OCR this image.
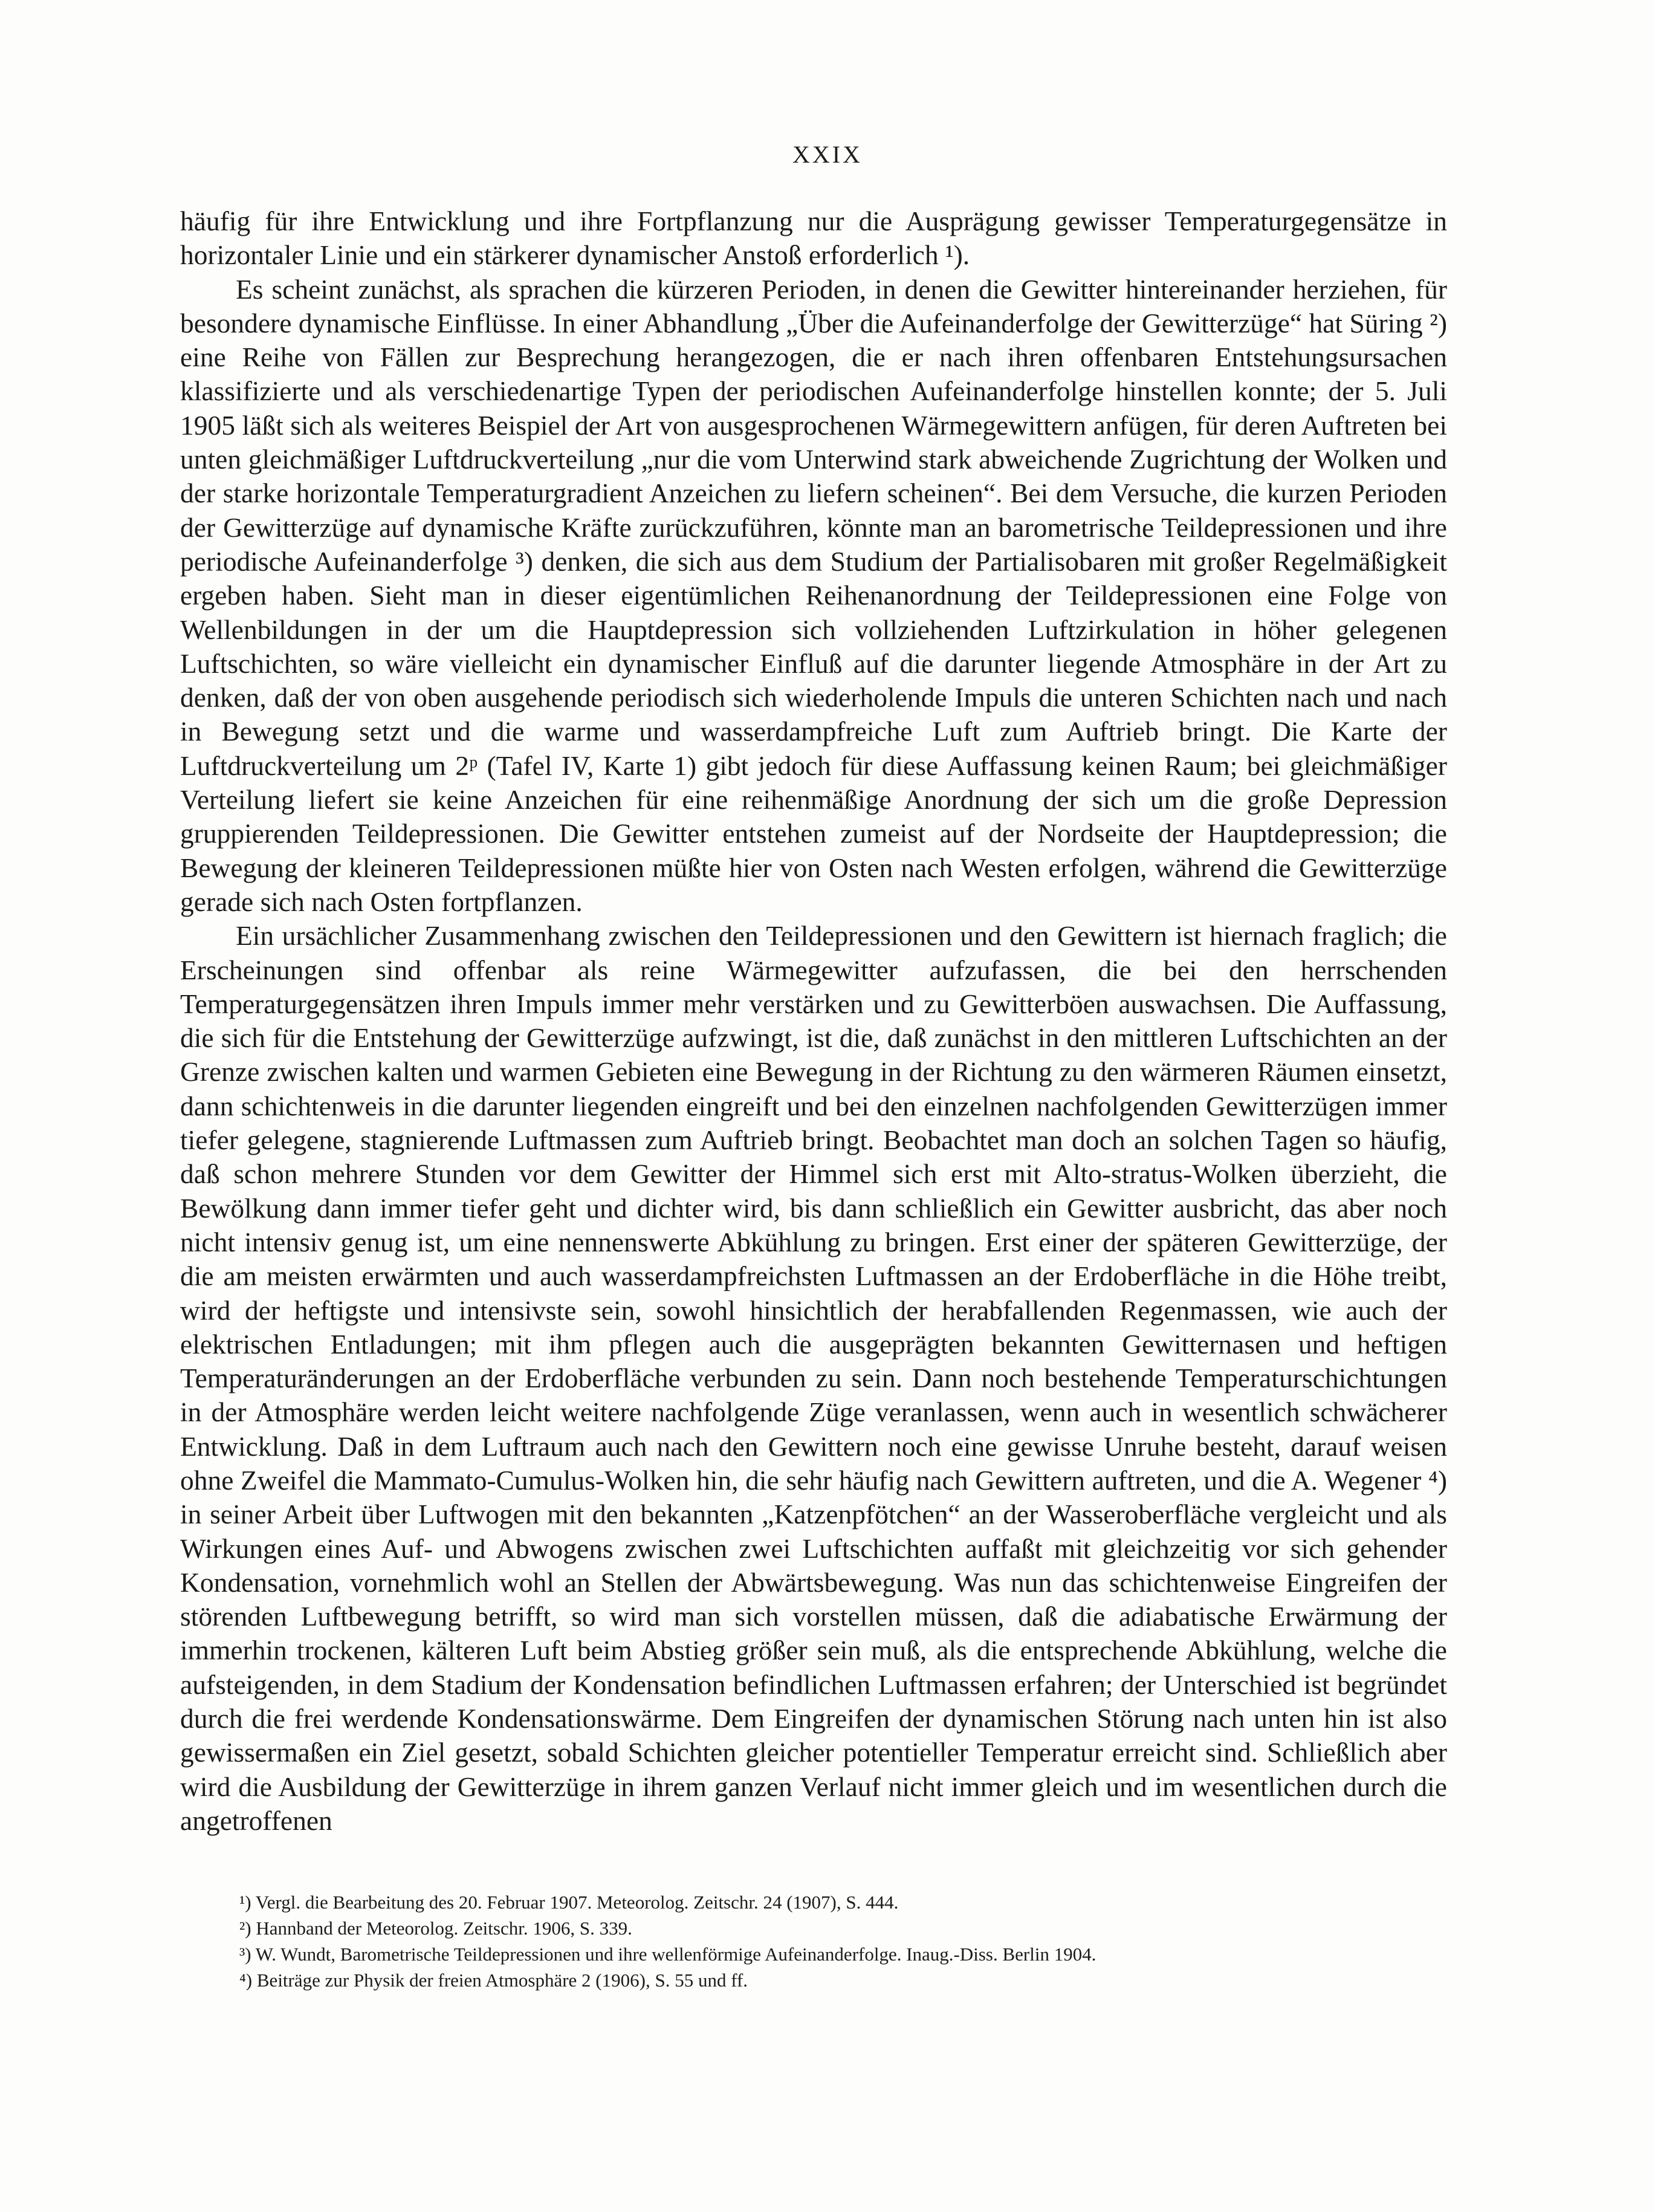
XXIX

häufig für ihre Entwicklung und ihre Fortpflanzung nur die Ausprägung gewisser Temperaturgegensätze in horizontaler Linie und ein stärkerer dynamischer Anstoß erforderlich ¹).

Es scheint zunächst, als sprachen die kürzeren Perioden, in denen die Gewitter hintereinander herziehen, für besondere dynamische Einflüsse. In einer Abhandlung „Über die Aufeinanderfolge der Gewitterzüge“ hat Süring ²) eine Reihe von Fällen zur Besprechung herangezogen, die er nach ihren offenbaren Entstehungsursachen klassifizierte und als verschiedenartige Typen der periodischen Aufeinanderfolge hinstellen konnte; der 5. Juli 1905 läßt sich als weiteres Beispiel der Art von ausgesprochenen Wärmegewittern anfügen, für deren Auftreten bei unten gleichmäßiger Luftdruckverteilung „nur die vom Unterwind stark abweichende Zugrichtung der Wolken und der starke horizontale Temperaturgradient Anzeichen zu liefern scheinen“. Bei dem Versuche, die kurzen Perioden der Gewitterzüge auf dynamische Kräfte zurückzuführen, könnte man an barometrische Teildepressionen und ihre periodische Aufeinanderfolge ³) denken, die sich aus dem Studium der Partialisobaren mit großer Regelmäßigkeit ergeben haben. Sieht man in dieser eigentümlichen Reihenanordnung der Teildepressionen eine Folge von Wellenbildungen in der um die Hauptdepression sich vollziehenden Luftzirkulation in höher gelegenen Luftschichten, so wäre vielleicht ein dynamischer Einfluß auf die darunter liegende Atmosphäre in der Art zu denken, daß der von oben ausgehende periodisch sich wiederholende Impuls die unteren Schichten nach und nach in Bewegung setzt und die warme und wasserdampfreiche Luft zum Auftrieb bringt. Die Karte der Luftdruckverteilung um 2ᵖ (Tafel IV, Karte 1) gibt jedoch für diese Auffassung keinen Raum; bei gleichmäßiger Verteilung liefert sie keine Anzeichen für eine reihenmäßige Anordnung der sich um die große Depression gruppierenden Teildepressionen. Die Gewitter entstehen zumeist auf der Nordseite der Hauptdepression; die Bewegung der kleineren Teildepressionen müßte hier von Osten nach Westen erfolgen, während die Gewitterzüge gerade sich nach Osten fortpflanzen.

Ein ursächlicher Zusammenhang zwischen den Teildepressionen und den Gewittern ist hiernach fraglich; die Erscheinungen sind offenbar als reine Wärmegewitter aufzufassen, die bei den herrschenden Temperaturgegensätzen ihren Impuls immer mehr verstärken und zu Gewitterböen auswachsen. Die Auffassung, die sich für die Entstehung der Gewitterzüge aufzwingt, ist die, daß zunächst in den mittleren Luftschichten an der Grenze zwischen kalten und warmen Gebieten eine Bewegung in der Richtung zu den wärmeren Räumen einsetzt, dann schichtenweis in die darunter liegenden eingreift und bei den einzelnen nachfolgenden Gewitterzügen immer tiefer gelegene, stagnierende Luftmassen zum Auftrieb bringt. Beobachtet man doch an solchen Tagen so häufig, daß schon mehrere Stunden vor dem Gewitter der Himmel sich erst mit Alto-stratus-Wolken überzieht, die Bewölkung dann immer tiefer geht und dichter wird, bis dann schließlich ein Gewitter ausbricht, das aber noch nicht intensiv genug ist, um eine nennenswerte Abkühlung zu bringen. Erst einer der späteren Gewitterzüge, der die am meisten erwärmten und auch wasserdampfreichsten Luftmassen an der Erdoberfläche in die Höhe treibt, wird der heftigste und intensivste sein, sowohl hinsichtlich der herabfallenden Regenmassen, wie auch der elektrischen Entladungen; mit ihm pflegen auch die ausgeprägten bekannten Gewitternasen und heftigen Temperaturänderungen an der Erdoberfläche verbunden zu sein. Dann noch bestehende Temperaturschichtungen in der Atmosphäre werden leicht weitere nachfolgende Züge veranlassen, wenn auch in wesentlich schwächerer Entwicklung. Daß in dem Luftraum auch nach den Gewittern noch eine gewisse Unruhe besteht, darauf weisen ohne Zweifel die Mammato-Cumulus-Wolken hin, die sehr häufig nach Gewittern auftreten, und die A. Wegener ⁴) in seiner Arbeit über Luftwogen mit den bekannten „Katzenpfötchen“ an der Wasseroberfläche vergleicht und als Wirkungen eines Auf- und Abwogens zwischen zwei Luftschichten auffaßt mit gleichzeitig vor sich gehender Kondensation, vornehmlich wohl an Stellen der Abwärtsbewegung. Was nun das schichtenweise Eingreifen der störenden Luftbewegung betrifft, so wird man sich vorstellen müssen, daß die adiabatische Erwärmung der immerhin trockenen, kälteren Luft beim Abstieg größer sein muß, als die entsprechende Abkühlung, welche die aufsteigenden, in dem Stadium der Kondensation befindlichen Luftmassen erfahren; der Unterschied ist begründet durch die frei werdende Kondensationswärme. Dem Eingreifen der dynamischen Störung nach unten hin ist also gewissermaßen ein Ziel gesetzt, sobald Schichten gleicher potentieller Temperatur erreicht sind. Schließlich aber wird die Ausbildung der Gewitterzüge in ihrem ganzen Verlauf nicht immer gleich und im wesentlichen durch die angetroffenen

¹) Vergl. die Bearbeitung des 20. Februar 1907. Meteorolog. Zeitschr. 24 (1907), S. 444.
²) Hannband der Meteorolog. Zeitschr. 1906, S. 339.
³) W. Wundt, Barometrische Teildepressionen und ihre wellenförmige Aufeinanderfolge. Inaug.-Diss. Berlin 1904.
⁴) Beiträge zur Physik der freien Atmosphäre 2 (1906), S. 55 und ff.
